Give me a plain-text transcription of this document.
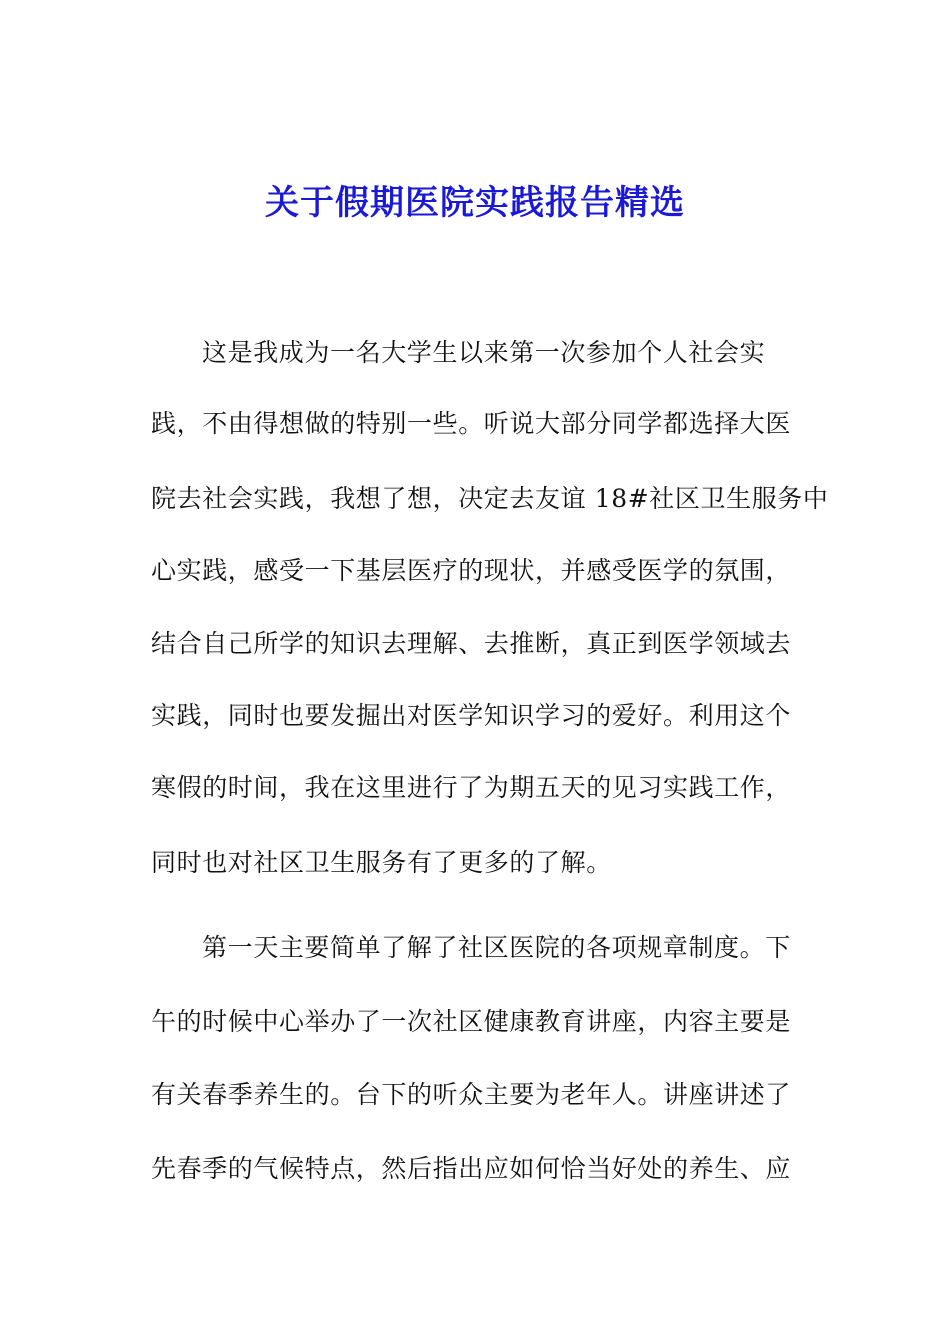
关于假期医院实践报告精选
这是我成为一名大学生以来第一次参加个人社会实
践，不由得想做的特别一些。听说大部分同学都选择大医
院去社会实践，我想了想，决定去友谊 18#社区卫生服务中
心实践，感受一下基层医疗的现状，并感受医学的氛围，
结合自己所学的知识去理解、去推断，真正到医学领域去
实践，同时也要发掘出对医学知识学习的爱好。利用这个
寒假的时间，我在这里进行了为期五天的见习实践工作，
同时也对社区卫生服务有了更多的了解。
第一天主要简单了解了社区医院的各项规章制度。下
午的时候中心举办了一次社区健康教育讲座，内容主要是
有关春季养生的。台下的听众主要为老年人。讲座讲述了
先春季的气候特点，然后指出应如何恰当好处的养生、应
